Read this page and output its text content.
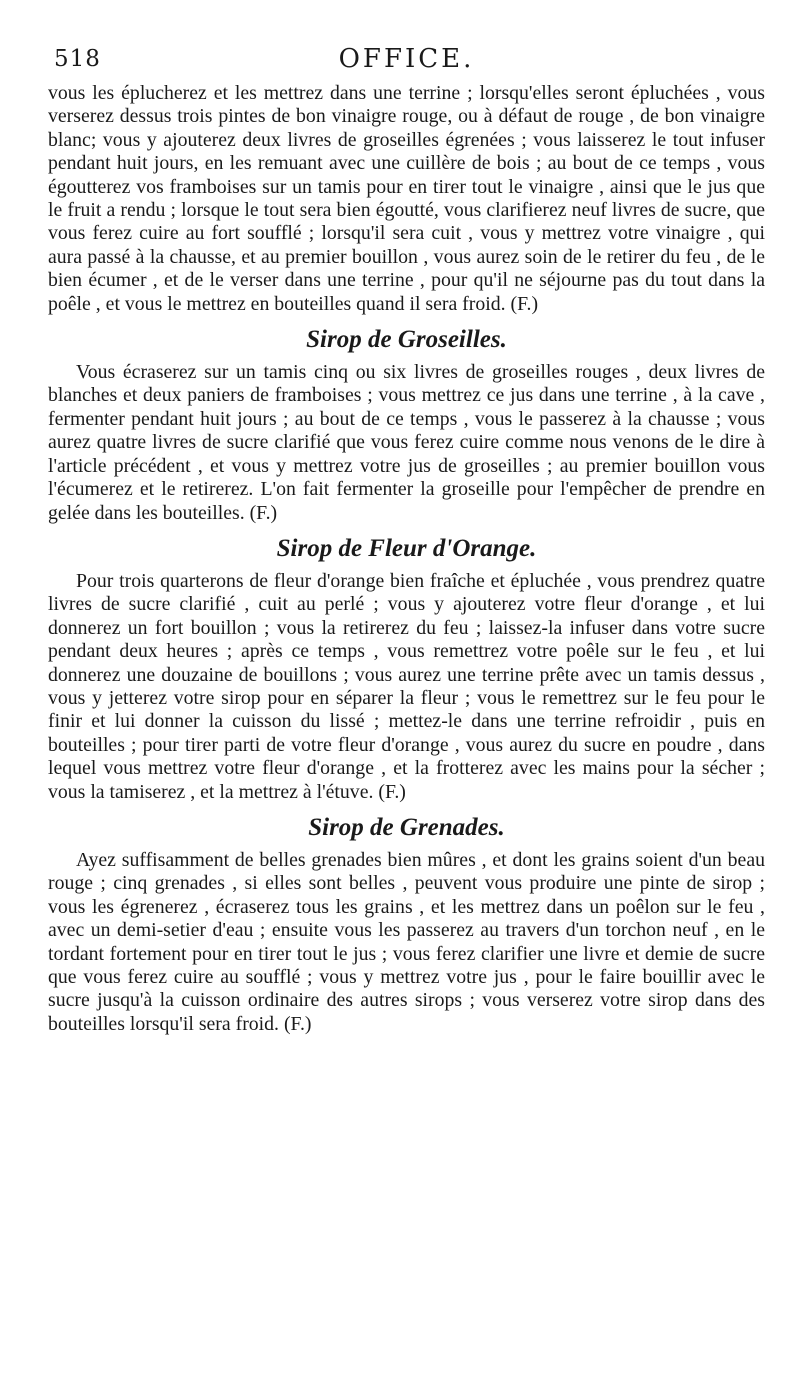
518	OFFICE.

vous les éplucherez et les mettrez dans une terrine ; lorsqu'elles seront épluchées , vous verserez dessus trois pintes de bon vinaigre rouge, ou à défaut de rouge , de bon vinaigre blanc; vous y ajouterez deux livres de groseilles égrenées ; vous laisserez le tout infuser pendant huit jours, en les remuant avec une cuillère de bois ; au bout de ce temps , vous égoutterez vos framboises sur un tamis pour en tirer tout le vinaigre , ainsi que le jus que le fruit a rendu ; lorsque le tout sera bien égoutté, vous clarifierez neuf livres de sucre, que vous ferez cuire au fort soufflé ; lorsqu'il sera cuit , vous y mettrez votre vinaigre , qui aura passé à la chausse, et au premier bouillon , vous aurez soin de le retirer du feu , de le bien écumer , et de le verser dans une terrine , pour qu'il ne séjourne pas du tout dans la poêle , et vous le mettrez en bouteilles quand il sera froid. (F.)

Sirop de Groseilles.

Vous écraserez sur un tamis cinq ou six livres de groseilles rouges , deux livres de blanches et deux paniers de framboises ; vous mettrez ce jus dans une terrine , à la cave , fermenter pendant huit jours ; au bout de ce temps , vous le passerez à la chausse ; vous aurez quatre livres de sucre clarifié que vous ferez cuire comme nous venons de le dire à l'article précédent , et vous y mettrez votre jus de groseilles ; au premier bouillon vous l'écumerez et le retirerez. L'on fait fermenter la groseille pour l'empêcher de prendre en gelée dans les bouteilles. (F.)

Sirop de Fleur d'Orange.

Pour trois quarterons de fleur d'orange bien fraîche et épluchée , vous prendrez quatre livres de sucre clarifié , cuit au perlé ; vous y ajouterez votre fleur d'orange , et lui donnerez un fort bouillon ; vous la retirerez du feu ; laissez-la infuser dans votre sucre pendant deux heures ; après ce temps , vous remettrez votre poêle sur le feu , et lui donnerez une douzaine de bouillons ; vous aurez une terrine prête avec un tamis dessus , vous y jetterez votre sirop pour en séparer la fleur ; vous le remettrez sur le feu pour le finir et lui donner la cuisson du lissé ; mettez-le dans une terrine refroidir , puis en bouteilles ; pour tirer parti de votre fleur d'orange , vous aurez du sucre en poudre , dans lequel vous mettrez votre fleur d'orange , et la frotterez avec les mains pour la sécher ; vous la tamiserez , et la mettrez à l'étuve. (F.)

Sirop de Grenades.

Ayez suffisamment de belles grenades bien mûres , et dont les grains soient d'un beau rouge ; cinq grenades , si elles sont belles , peuvent vous produire une pinte de sirop ; vous les égrenerez , écraserez tous les grains , et les mettrez dans un poêlon sur le feu , avec un demi-setier d'eau ; ensuite vous les passerez au travers d'un torchon neuf , en le tordant fortement pour en tirer tout le jus ; vous ferez clarifier une livre et demie de sucre que vous ferez cuire au soufflé ; vous y mettrez votre jus , pour le faire bouillir avec le sucre jusqu'à la cuisson ordinaire des autres sirops ; vous verserez votre sirop dans des bouteilles lorsqu'il sera froid. (F.)
